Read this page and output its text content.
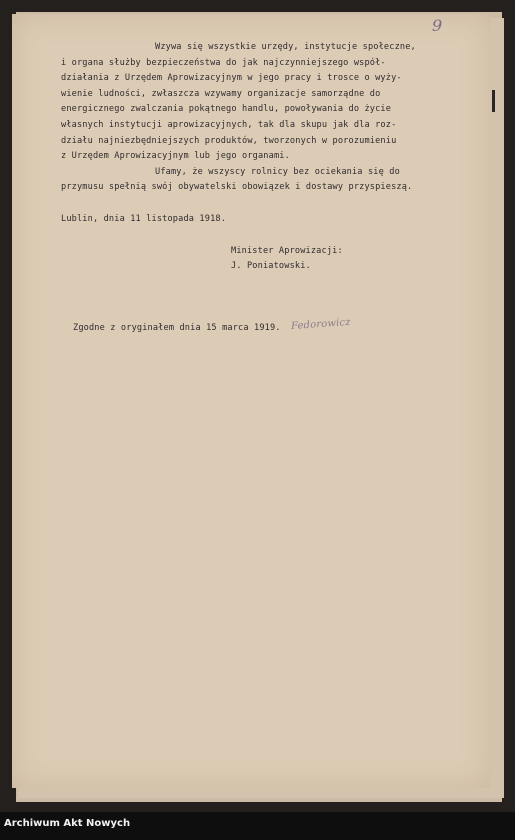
9
Wzywa się wszystkie urzędy, instytucje społeczne,
i organa służby bezpieczeństwa do jak najczynniejszego współ-
działania z Urzędem Aprowizacyjnym w jego pracy i trosce o wyży-
wienie ludności, zwłaszcza wzywamy organizacje samorządne do
energicznego zwalczania pokątnego handlu, powoływania do życie
własnych instytucji aprowizacyjnych, tak dla skupu jak dla roz-
działu najniezbędniejszych produktów, tworzonych w porozumieniu
z Urzędem Aprowizacyjnym lub jego organami.
Ufamy, że wszyscy rolnicy bez ociekania się do
przymusu spełnią swój obywatelski obowiązek i dostawy przyspieszą.
Lublin, dnia 11 listopada 1918.
Minister Aprowizacji:
J. Poniatowski.
Zgodne z oryginałem dnia 15 marca 1919. Fedorowicz
Archiwum Akt Nowych
